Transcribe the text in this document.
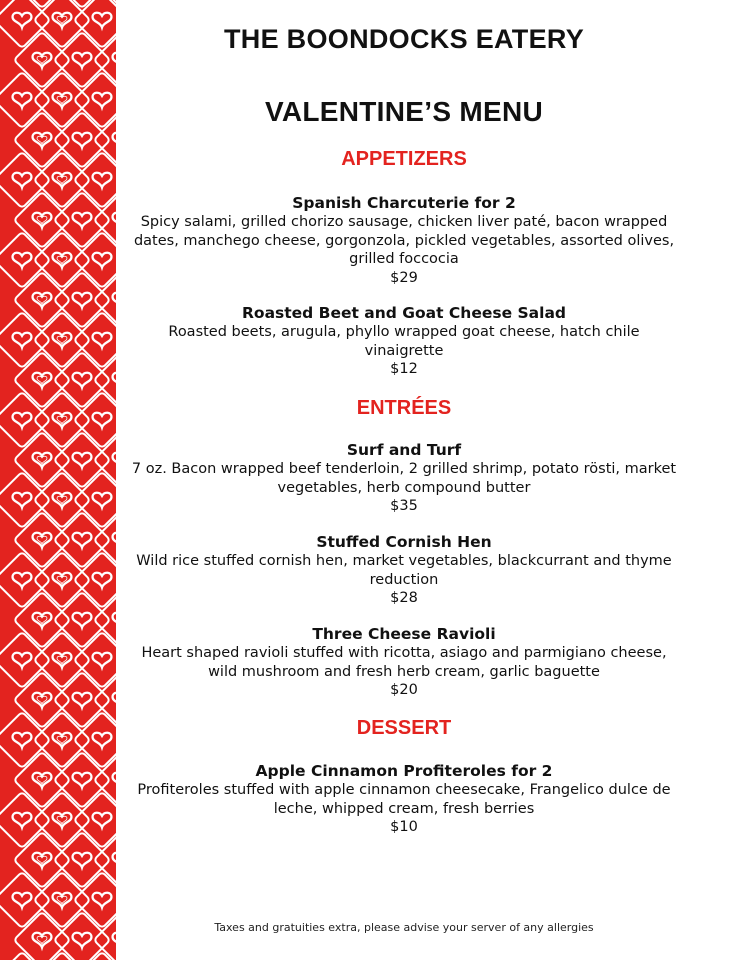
THE BOONDOCKS EATERY
VALENTINE’S MENU
APPETIZERS
Spanish Charcuterie for 2
Spicy salami, grilled chorizo sausage, chicken liver paté, bacon wrapped dates, manchego cheese, gorgonzola, pickled vegetables, assorted olives, grilled foccocia
$29
Roasted Beet and Goat Cheese Salad
Roasted beets, arugula, phyllo wrapped goat cheese, hatch chile vinaigrette
$12
ENTRÉES
Surf and Turf
7 oz. Bacon wrapped beef tenderloin, 2 grilled shrimp, potato rösti, market vegetables, herb compound butter
$35
Stuffed Cornish Hen
Wild rice stuffed cornish hen, market vegetables, blackcurrant and thyme reduction
$28
Three Cheese Ravioli
Heart shaped ravioli stuffed with ricotta, asiago and parmigiano cheese, wild mushroom and fresh herb cream, garlic baguette
$20
DESSERT
Apple Cinnamon Profiteroles for 2
Profiteroles stuffed with apple cinnamon cheesecake, Frangelico dulce de leche, whipped cream, fresh berries
$10
Taxes and gratuities extra, please advise your server of any allergies
